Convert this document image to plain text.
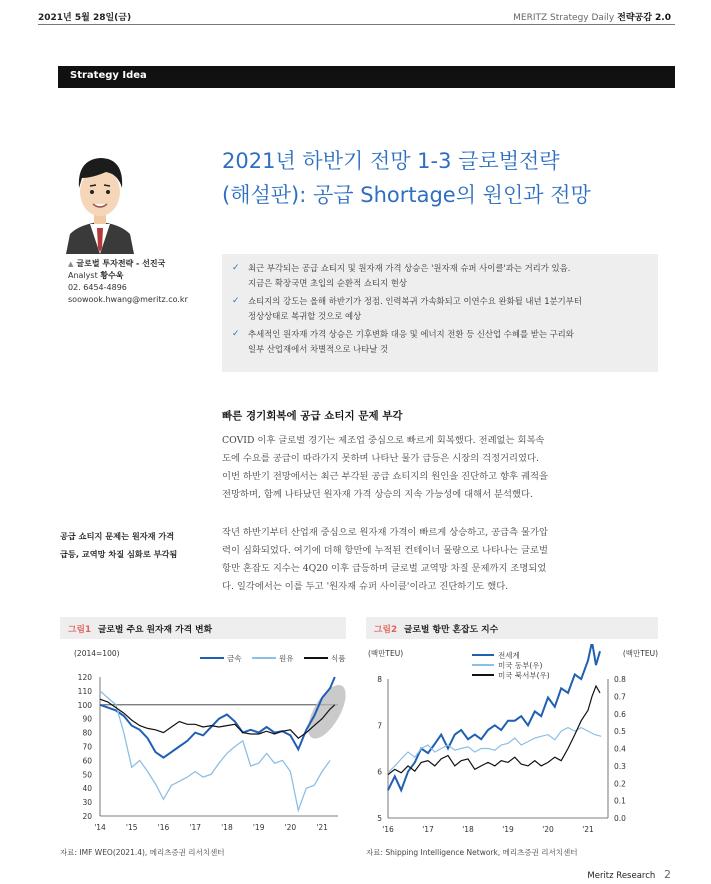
2021년 5월 28일(금)	MERITZ Strategy Daily 전략공감 2.0
Strategy Idea
▲ 글로벌 투자전략 - 선진국
Analyst 황수욱
02. 6454-4896
soowook.hwang@meritz.co.kr
2021년 하반기 전망 1-3 글로벌전략
(해설판): 공급 Shortage의 원인과 전망
✓ 최근 부각되는 공급 쇼티지 및 원자재 가격 상승은 '원자재 슈퍼 사이클'과는 거리가 있음.
지금은 확장국면 초입의 순환적 쇼티지 현상
✓ 쇼티지의 강도는 올해 하반기가 정점. 인력복귀 가속화되고 이연수요 완화될 내년 1분기부터
정상상태로 복귀할 것으로 예상
✓ 추세적인 원자재 가격 상승은 기후변화 대응 및 에너지 전환 등 신산업 수혜를 받는 구리와
일부 산업재에서 차별적으로 나타날 것
빠른 경기회복에 공급 쇼티지 문제 부각
COVID 이후 글로벌 경기는 제조업 중심으로 빠르게 회복했다. 전례없는 회복속
도에 수요를 공급이 따라가지 못하며 나타난 물가 급등은 시장의 걱정거리였다.
이번 하반기 전망에서는 최근 부각된 공급 쇼티지의 원인을 진단하고 향후 궤적을
전망하며, 함께 나타났던 원자재 가격 상승의 지속 가능성에 대해서 분석했다.
공급 쇼티지 문제는 원자재 가격
급등, 교역망 차질 심화로 부각됨
작년 하반기부터 산업재 중심으로 원자재 가격이 빠르게 상승하고, 공급측 물가압
력이 심화되었다. 여기에 더해 항만에 누적된 컨테이너 물량으로 나타나는 글로벌
항만 혼잡도 지수는 4Q20 이후 급등하며 글로벌 교역망 차질 문제까지 조명되었
다. 일각에서는 이를 두고 '원자재 슈퍼 사이클'이라고 진단하기도 했다.
그림1 글로벌 주요 원자재 가격 변화	그림2 글로벌 항만 혼잡도 지수
(2014=100)
20
30
40
50
60
70
80
90
100
110
120
'14	'15	'16	'17	'18	'19	'20	'21
금속	원유	식품
(백만TEU)	(백만TEU)
5
6
7
8
0.0
0.1
0.2
0.3
0.4
0.5
0.6
0.7
0.8
'16	'17	'18	'19	'20	'21
전세계
미국 동부(우)
미국 북서부(우)
자료: IMF WEO(2021.4), 메리츠증권 리서치센터	자료: Shipping Intelligence Network, 메리츠증권 리서치센터
Meritz Research 2
